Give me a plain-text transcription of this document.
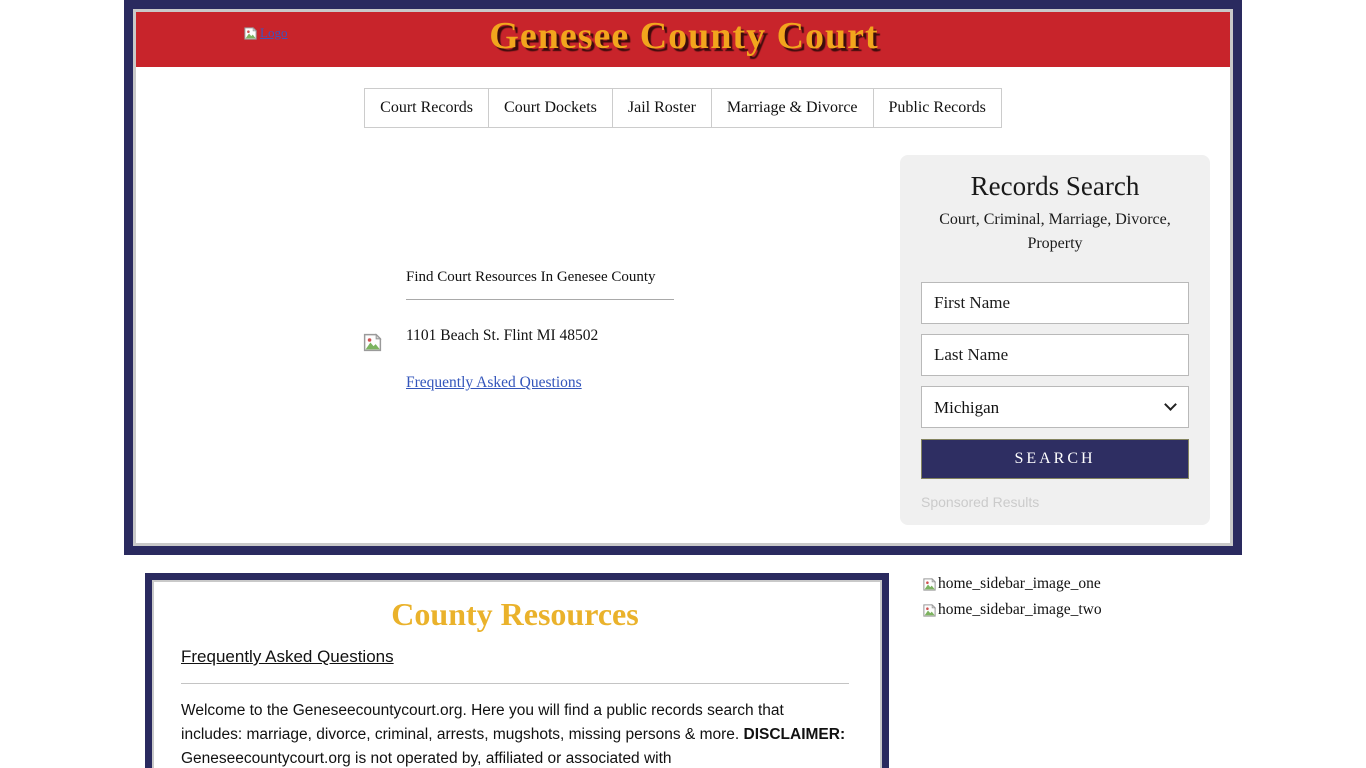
Logo	Genesee County Court
Court Records	Court Dockets	Jail Roster	Marriage & Divorce	Public Records
Find Court Resources In Genesee County
1101 Beach St. Flint MI 48502
Frequently Asked Questions
Records Search
Court, Criminal, Marriage, Divorce, Property
First Name
Last Name
Michigan
SEARCH
Sponsored Results
County Resources
Frequently Asked Questions

Welcome to the Geneseecountycourt.org. Here you will find a public records search that includes: marriage, divorce, criminal, arrests, mugshots, missing persons & more. DISCLAIMER: Geneseecountycourt.org is not operated by, affiliated or associated with

home_sidebar_image_one
home_sidebar_image_two
